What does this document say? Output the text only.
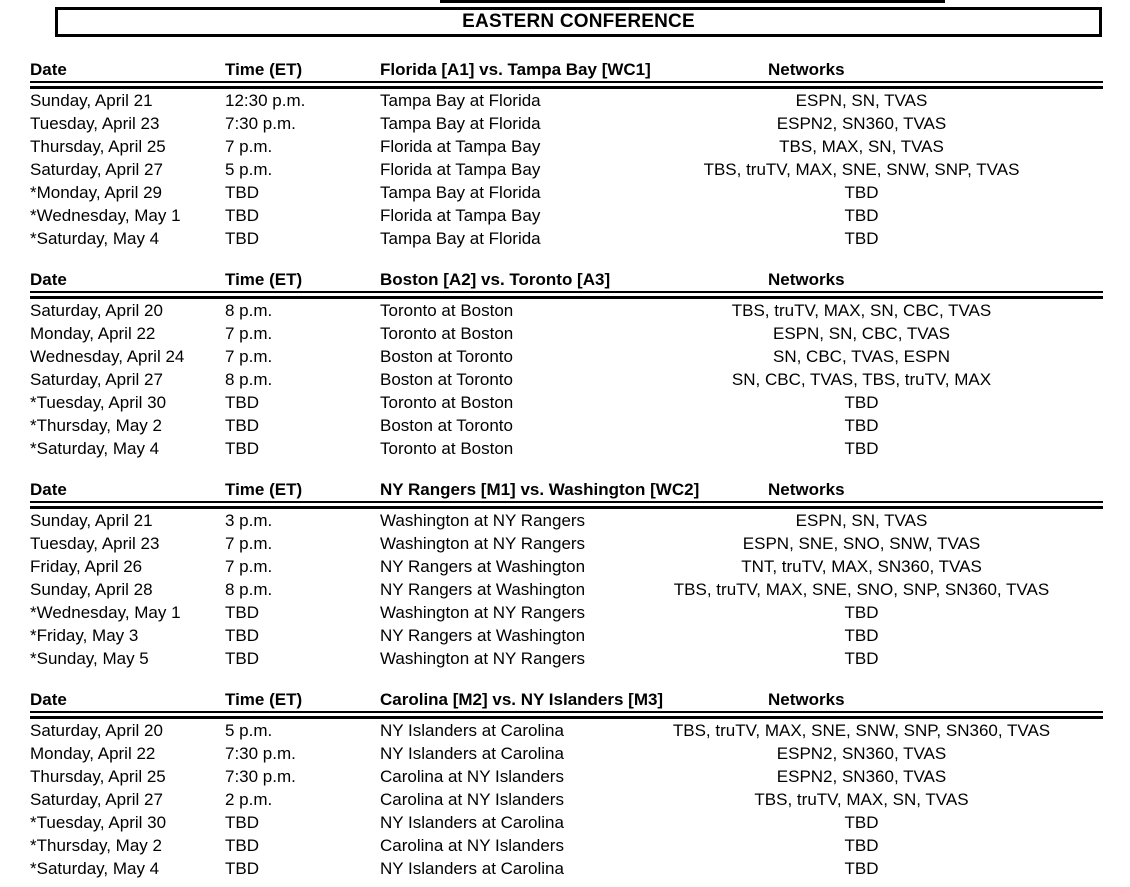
EASTERN CONFERENCE
Date	Time (ET)	Florida [A1] vs. Tampa Bay [WC1]	Networks
Sunday, April 21	12:30 p.m.	Tampa Bay at Florida	ESPN, SN, TVAS
Tuesday, April 23	7:30 p.m.	Tampa Bay at Florida	ESPN2, SN360, TVAS
Thursday, April 25	7 p.m.	Florida at Tampa Bay	TBS, MAX, SN, TVAS
Saturday, April 27	5 p.m.	Florida at Tampa Bay	TBS, truTV, MAX, SNE, SNW, SNP, TVAS
*Monday, April 29	TBD	Tampa Bay at Florida	TBD
*Wednesday, May 1	TBD	Florida at Tampa Bay	TBD
*Saturday, May 4	TBD	Tampa Bay at Florida	TBD
Date	Time (ET)	Boston [A2] vs. Toronto [A3]	Networks
Saturday, April 20	8 p.m.	Toronto at Boston	TBS, truTV, MAX, SN, CBC, TVAS
Monday, April 22	7 p.m.	Toronto at Boston	ESPN, SN, CBC, TVAS
Wednesday, April 24	7 p.m.	Boston at Toronto	SN, CBC, TVAS, ESPN
Saturday, April 27	8 p.m.	Boston at Toronto	SN, CBC, TVAS, TBS, truTV, MAX
*Tuesday, April 30	TBD	Toronto at Boston	TBD
*Thursday, May 2	TBD	Boston at Toronto	TBD
*Saturday, May 4	TBD	Toronto at Boston	TBD
Date	Time (ET)	NY Rangers [M1] vs. Washington [WC2]	Networks
Sunday, April 21	3 p.m.	Washington at NY Rangers	ESPN, SN, TVAS
Tuesday, April 23	7 p.m.	Washington at NY Rangers	ESPN, SNE, SNO, SNW, TVAS
Friday, April 26	7 p.m.	NY Rangers at Washington	TNT, truTV, MAX, SN360, TVAS
Sunday, April 28	8 p.m.	NY Rangers at Washington	TBS, truTV, MAX, SNE, SNO, SNP, SN360, TVAS
*Wednesday, May 1	TBD	Washington at NY Rangers	TBD
*Friday, May 3	TBD	NY Rangers at Washington	TBD
*Sunday, May 5	TBD	Washington at NY Rangers	TBD
Date	Time (ET)	Carolina [M2] vs. NY Islanders [M3]	Networks
Saturday, April 20	5 p.m.	NY Islanders at Carolina	TBS, truTV, MAX, SNE, SNW, SNP, SN360, TVAS
Monday, April 22	7:30 p.m.	NY Islanders at Carolina	ESPN2, SN360, TVAS
Thursday, April 25	7:30 p.m.	Carolina at NY Islanders	ESPN2, SN360, TVAS
Saturday, April 27	2 p.m.	Carolina at NY Islanders	TBS, truTV, MAX, SN, TVAS
*Tuesday, April 30	TBD	NY Islanders at Carolina	TBD
*Thursday, May 2	TBD	Carolina at NY Islanders	TBD
*Saturday, May 4	TBD	NY Islanders at Carolina	TBD
